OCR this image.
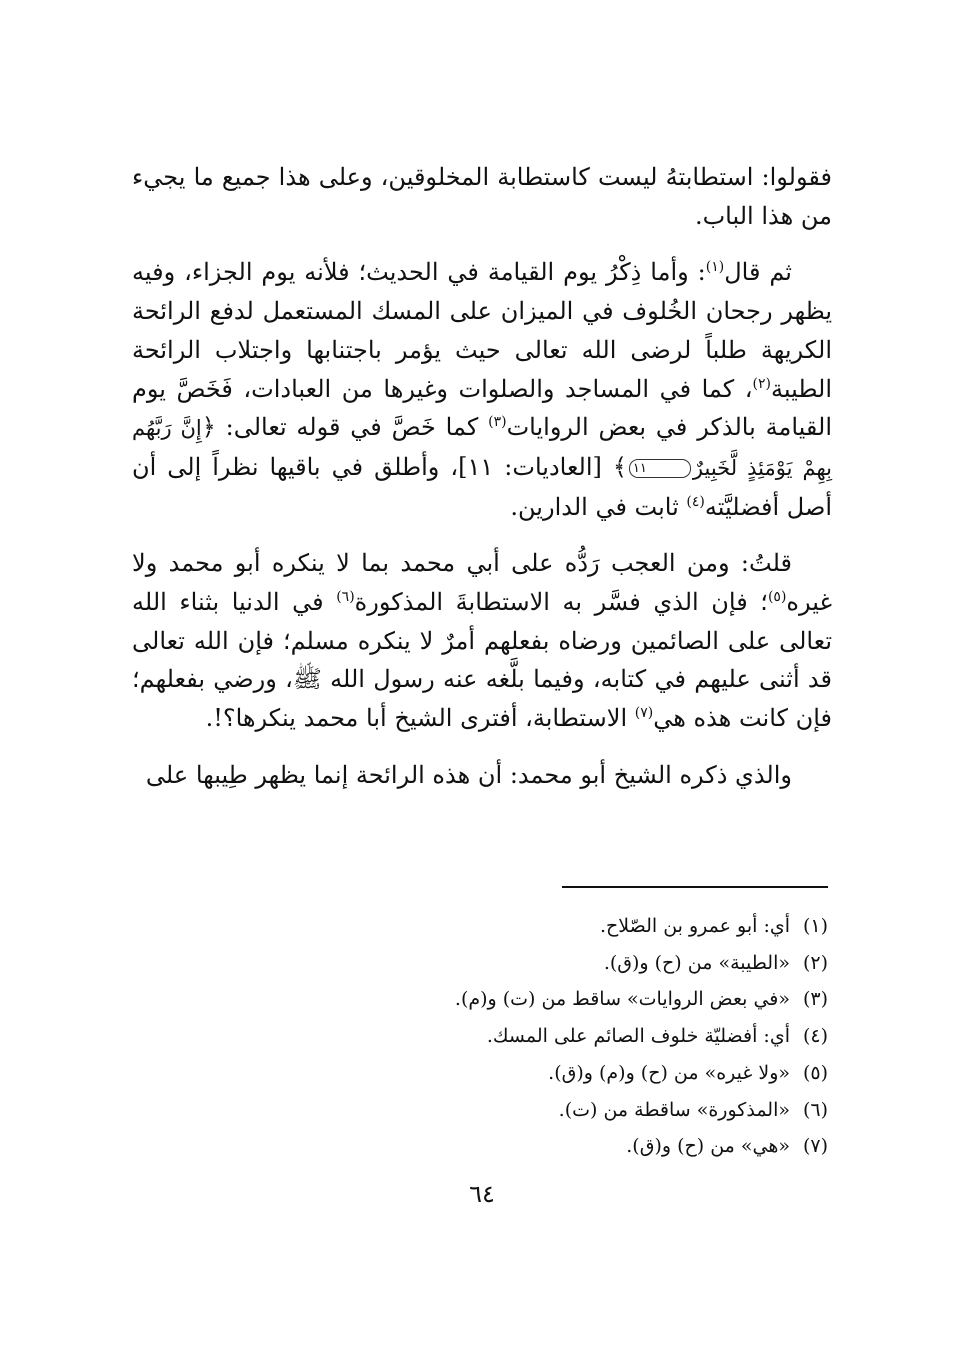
فقولوا: استطابتهُ ليست كاستطابة المخلوقين، وعلى هذا جميع ما يجيء من هذا الباب.

ثم قال$^{(١)}$: وأما ذِكْرُ يوم القيامة في الحديث؛ فلأنه يوم الجزاء، وفيه يظهر رجحان الخُلوف في الميزان على المسك المستعمل لدفع الرائحة الكريهة طلباً لرضى الله تعالى حيث يؤمر باجتنابها واجتلاب الرائحة الطيبة$^{(٢)}$، كما في المساجد والصلوات وغيرها من العبادات، فَخَصَّ يوم القيامة بالذكر في بعض الروايات$^{(٣)}$ كما خَصَّ في قوله تعالى: ﴿إِنَّ رَبَّهُم بِهِمْ يَوْمَئِذٍ لَّخَبِيرٌ١١﴾ [العاديات: ١١]، وأطلق في باقيها نظراً إلى أن أصل أفضليَّته$^{(٤)}$ ثابت في الدارين.

قلتُ: ومن العجب رَدُّه على أبي محمد بما لا ينكره أبو محمد ولا غيره$^{(٥)}$؛ فإن الذي فسَّر به الاستطابةَ المذكورة$^{(٦)}$ في الدنيا بثناء الله تعالى على الصائمين ورضاه بفعلهم أمرٌ لا ينكره مسلم؛ فإن الله تعالى قد أثنى عليهم في كتابه، وفيما بلَّغه عنه رسول الله ﷺ، ورضي بفعلهم؛ فإن كانت هذه هي$^{(٧)}$ الاستطابة، أفترى الشيخ أبا محمد ينكرها؟!.

والذي ذكره الشيخ أبو محمد: أن هذه الرائحة إنما يظهر طِيبها على

(١)أي: أبو عمرو بن الصّلاح.
(٢)«الطيبة» من (ح) و(ق).
(٣)«في بعض الروايات» ساقط من (ت) و(م).
(٤)أي: أفضليّة خلوف الصائم على المسك.
(٥)«ولا غيره» من (ح) و(م) و(ق).
(٦)«المذكورة» ساقطة من (ت).
(٧)«هي» من (ح) و(ق).
٦٤
